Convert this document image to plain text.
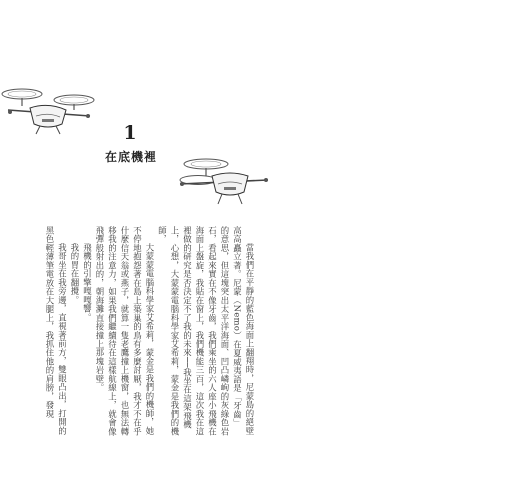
1
在底機裡

當我們在平靜的藍色海面上翻翔時，尼蒙島的絕壁高高矗立著。尼蒙（Nemo）在夏威夷語是「牙齒」的意思，但這塊突出太平洋海面、凹凸嶙峋的灰綠色岩石，看起來實在不像牙齒，我們乘坐的六人座小飛機在海面上盤旋，我貼在窗上，我們機能三百，這次我在這裡做的研究是否決定不了我的未來──我坐在這架飛機上，心想，大蒙蒙電腦科學家艾希莉，蒙金是我們的機師，

大蒙蒙電腦科學家艾希莉，蒙金是我們的機師，她不停地抱怨著在島上築巢的鳥有多麼討厭，我才不在乎什麼信天翁或燕子，就算一隻老鷹撞上機窗，也無法轉移我的注意力，如果我們繼續待在這樣航線上，就會像飛彈般射出的，朝海灘直接撞上那塊岩壁。

飛機的引擎嘎嘎響。

我的胃在翻攪。

我哥坐在我旁邊，直視著前方，雙眼凸出，打開的黑色輕薄筆電放在大腿上，我抓住他的肩膀，發現
